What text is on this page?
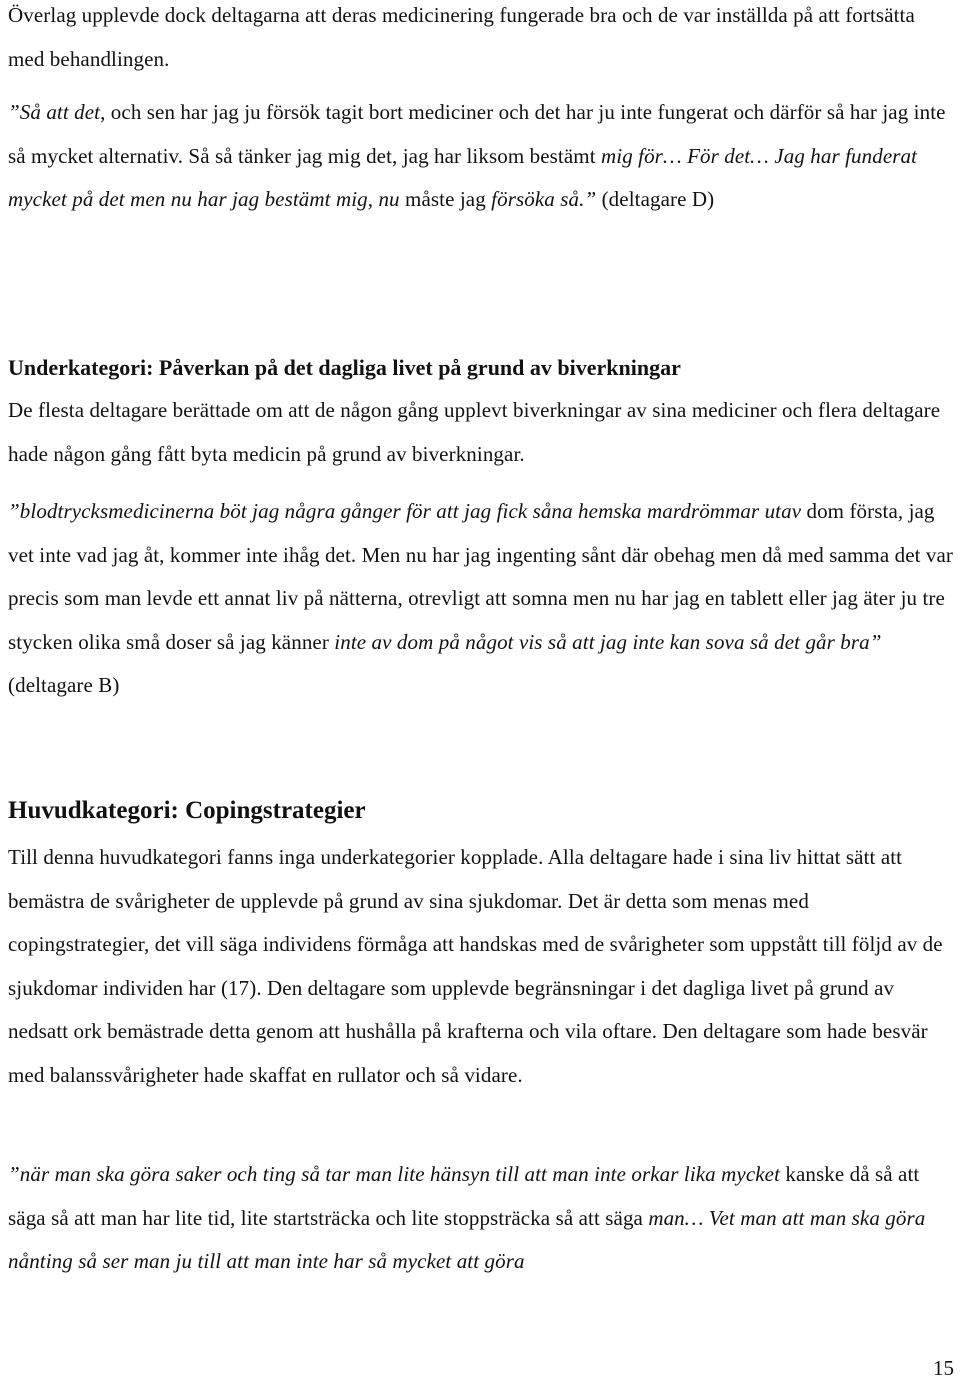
Överlag upplevde dock deltagarna att deras medicinering fungerade bra och de var inställda på att fortsätta med behandlingen.

”Så att det, och sen har jag ju försök tagit bort mediciner och det har ju inte fungerat och därför så har jag inte så mycket alternativ. Så så tänker jag mig det, jag har liksom bestämt mig för… För det… Jag har funderat mycket på det men nu har jag bestämt mig, nu måste jag försöka så.” (deltagare D)

Underkategori: Påverkan på det dagliga livet på grund av biverkningar

De flesta deltagare berättade om att de någon gång upplevt biverkningar av sina mediciner och flera deltagare hade någon gång fått byta medicin på grund av biverkningar.

”blodtrycksmedicinerna böt jag några gånger för att jag fick såna hemska mardrömmar utav dom första, jag vet inte vad jag åt, kommer inte ihåg det. Men nu har jag ingenting sånt där obehag men då med samma det var precis som man levde ett annat liv på nätterna, otrevligt att somna men nu har jag en tablett eller jag äter ju tre stycken olika små doser så jag känner inte av dom på något vis så att jag inte kan sova så det går bra” (deltagare B)

Huvudkategori: Copingstrategier

Till denna huvudkategori fanns inga underkategorier kopplade. Alla deltagare hade i sina liv hittat sätt att bemästra de svårigheter de upplevde på grund av sina sjukdomar. Det är detta som menas med copingstrategier, det vill säga individens förmåga att handskas med de svårigheter som uppstått till följd av de sjukdomar individen har (17). Den deltagare som upplevde begränsningar i det dagliga livet på grund av nedsatt ork bemästrade detta genom att hushålla på krafterna och vila oftare. Den deltagare som hade besvär med balanssvårigheter hade skaffat en rullator och så vidare.

”när man ska göra saker och ting så tar man lite hänsyn till att man inte orkar lika mycket kanske då så att säga så att man har lite tid, lite startsträcka och lite stoppsträcka så att säga man… Vet man att man ska göra nånting så ser man ju till att man inte har så mycket att göra

15
